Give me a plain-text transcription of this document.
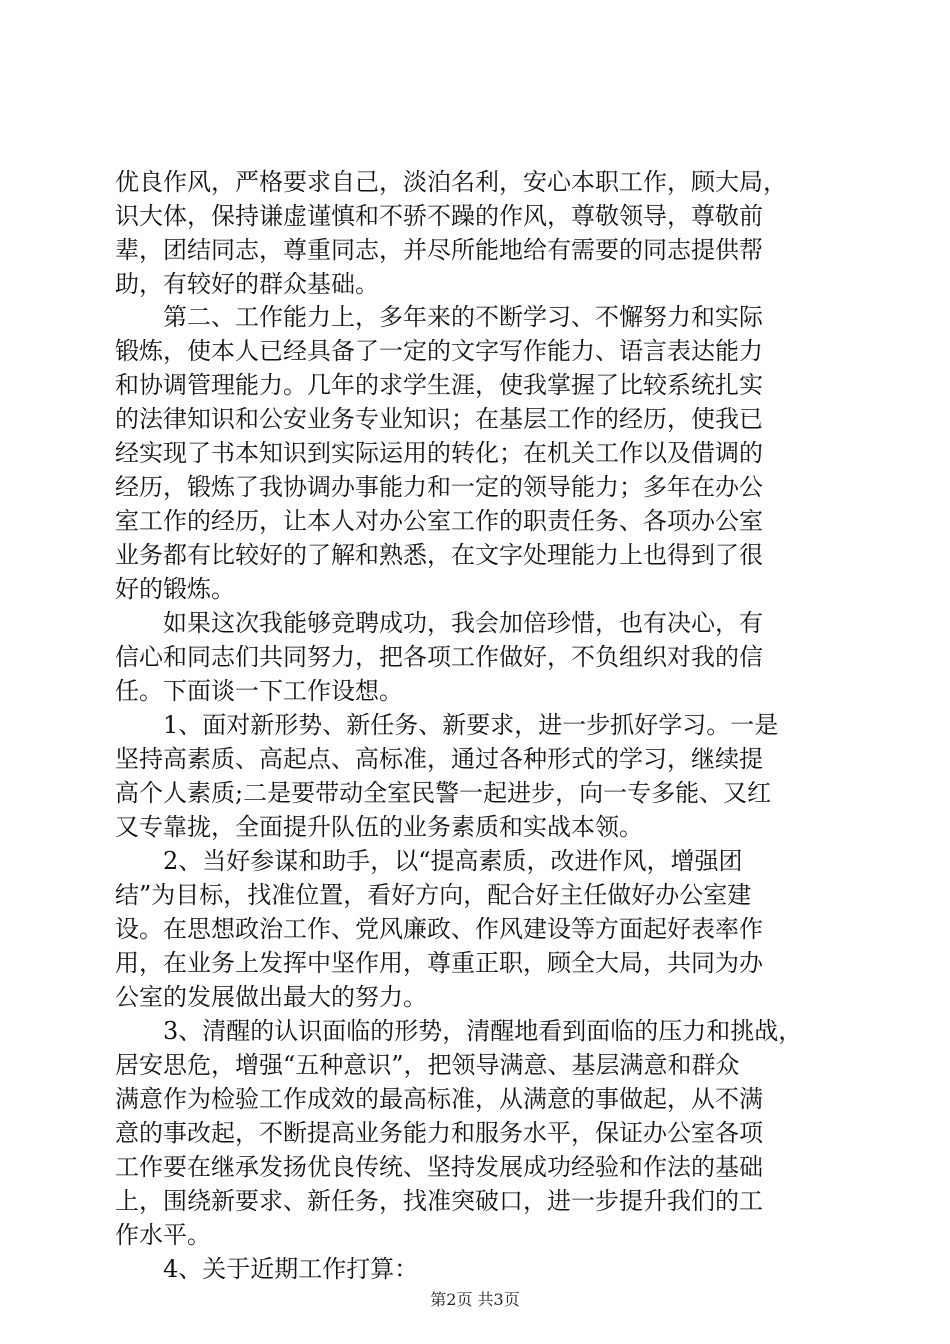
优良作风，严格要求自己，淡泊名利，安心本职工作，顾大局，
识大体，保持谦虚谨慎和不骄不躁的作风，尊敬领导，尊敬前
辈，团结同志，尊重同志，并尽所能地给有需要的同志提供帮
助，有较好的群众基础。
　　第二、工作能力上，多年来的不断学习、不懈努力和实际
锻炼，使本人已经具备了一定的文字写作能力、语言表达能力
和协调管理能力。几年的求学生涯，使我掌握了比较系统扎实
的法律知识和公安业务专业知识；在基层工作的经历，使我已
经实现了书本知识到实际运用的转化；在机关工作以及借调的
经历，锻炼了我协调办事能力和一定的领导能力；多年在办公
室工作的经历，让本人对办公室工作的职责任务、各项办公室
业务都有比较好的了解和熟悉，在文字处理能力上也得到了很
好的锻炼。
　　如果这次我能够竞聘成功，我会加倍珍惜，也有决心，有
信心和同志们共同努力，把各项工作做好，不负组织对我的信
任。下面谈一下工作设想。
　　1、面对新形势、新任务、新要求，进一步抓好学习。一是
坚持高素质、高起点、高标准，通过各种形式的学习，继续提
高个人素质;二是要带动全室民警一起进步，向一专多能、又红
又专靠拢，全面提升队伍的业务素质和实战本领。
　　2、当好参谋和助手，以“提高素质，改进作风，增强团
结”为目标，找准位置，看好方向，配合好主任做好办公室建
设。在思想政治工作、党风廉政、作风建设等方面起好表率作
用，在业务上发挥中坚作用，尊重正职，顾全大局，共同为办
公室的发展做出最大的努力。
　　3、清醒的认识面临的形势，清醒地看到面临的压力和挑战，
居安思危，增强“五种意识”，把领导满意、基层满意和群众
满意作为检验工作成效的最高标准，从满意的事做起，从不满
意的事改起，不断提高业务能力和服务水平，保证办公室各项
工作要在继承发扬优良传统、坚持发展成功经验和作法的基础
上，围绕新要求、新任务，找准突破口，进一步提升我们的工
作水平。
　　4、关于近期工作打算：
第2页 共3页
